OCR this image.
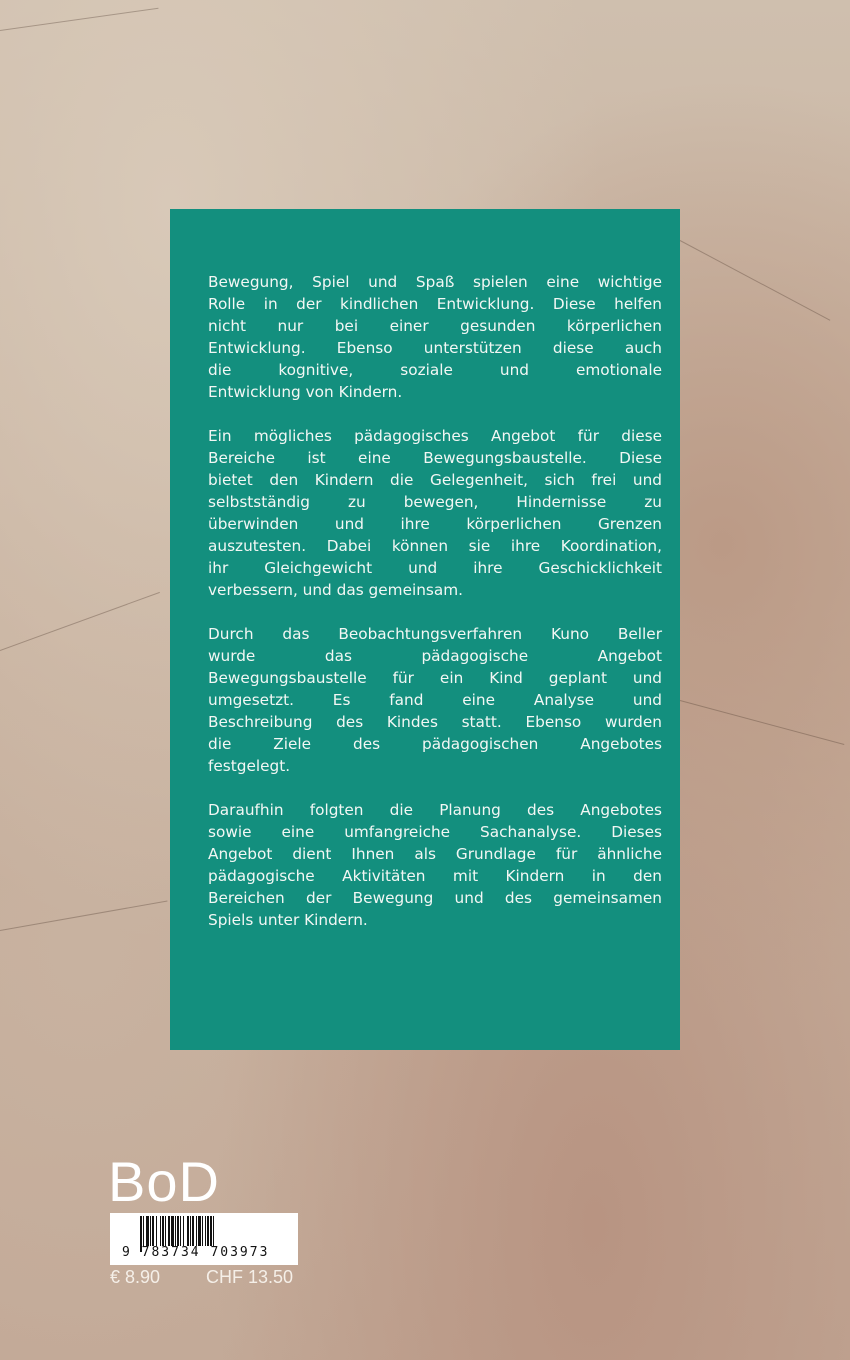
Bewegung, Spiel und Spaß spielen eine wichtige
Rolle in der kindlichen Entwicklung. Diese helfen
nicht nur bei einer gesunden körperlichen
Entwicklung. Ebenso unterstützen diese auch
die kognitive, soziale und emotionale
Entwicklung von Kindern.
Ein mögliches pädagogisches Angebot für diese
Bereiche ist eine Bewegungsbaustelle. Diese
bietet den Kindern die Gelegenheit, sich frei und
selbstständig zu bewegen, Hindernisse zu
überwinden und ihre körperlichen Grenzen
auszutesten. Dabei können sie ihre Koordination,
ihr Gleichgewicht und ihre Geschicklichkeit
verbessern, und das gemeinsam.
Durch das Beobachtungsverfahren Kuno Beller
wurde das pädagogische Angebot
Bewegungsbaustelle für ein Kind geplant und
umgesetzt. Es fand eine Analyse und
Beschreibung des Kindes statt. Ebenso wurden
die Ziele des pädagogischen Angebotes
festgelegt.
Daraufhin folgten die Planung des Angebotes
sowie eine umfangreiche Sachanalyse. Dieses
Angebot dient Ihnen als Grundlage für ähnliche
pädagogische Aktivitäten mit Kindern in den
Bereichen der Bewegung und des gemeinsamen
Spiels unter Kindern.
BoD
9 783734 703973
€ 8.90	CHF 13.50
